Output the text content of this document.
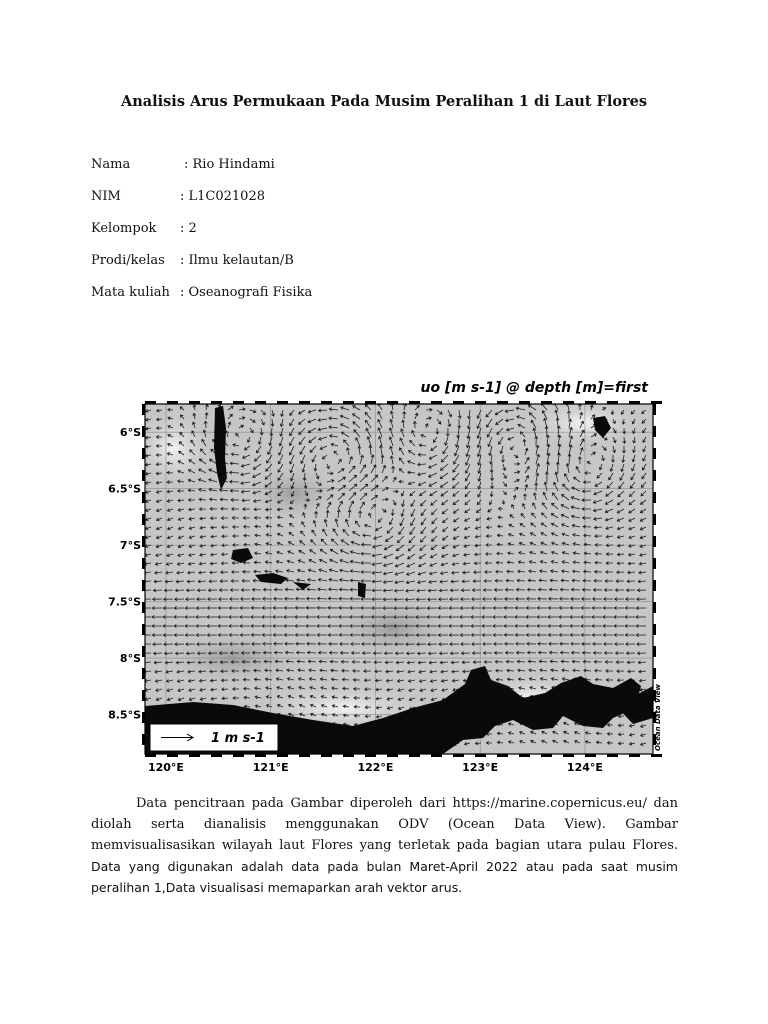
Analisis Arus Permukaan Pada Musim Peralihan 1 di Laut Flores
Nama	: Rio Hindami
NIM	: L1C021028
Kelompok : 2
Prodi/kelas : Ilmu kelautan/B
Mata kuliah : Oseanografi Fisika
uo [m s-1] @ depth [m]=first
6°S
6.5°S
7°S
7.5°S
8°S
8.5°S
120°E	121°E	122°E	123°E	124°E
1 m s-1	Ocean Data View
Data pencitraan pada Gambar diperoleh dari https://marine.copernicus.eu/ dan
diolah serta dianalisis menggunakan ODV (Ocean Data View). Gambar
memvisualisasikan wilayah laut Flores yang terletak pada bagian utara pulau Flores.
Data yang digunakan adalah data pada bulan Maret-April 2022 atau pada saat musim
peralihan 1,Data visualisasi memaparkan arah vektor arus.
